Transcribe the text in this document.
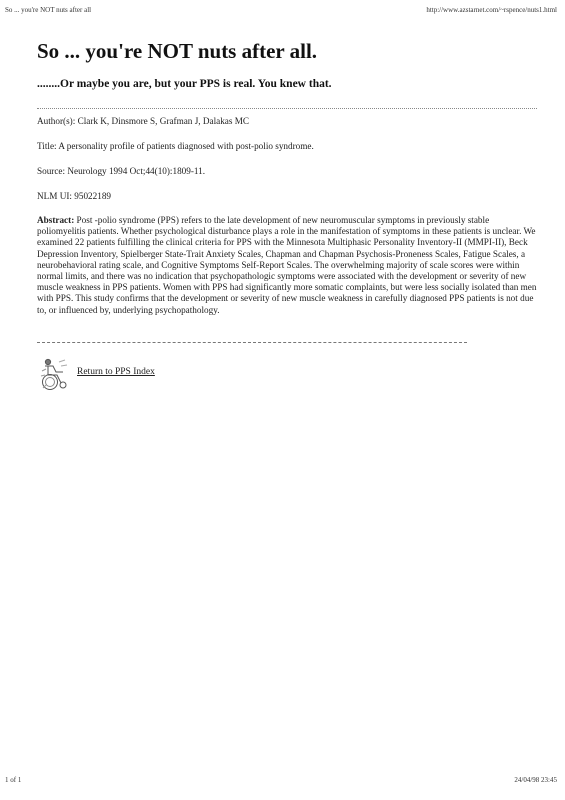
So ... you're NOT nuts after all	http://www.azstarnet.com/~rspence/nuts1.html
So ... you're NOT nuts after all.
........Or maybe you are, but your PPS is real. You knew that.

Author(s): Clark K, Dinsmore S, Grafman J, Dalakas MC

Title: A personality profile of patients diagnosed with post-polio syndrome.

Source: Neurology 1994 Oct;44(10):1809-11.

NLM UI: 95022189

Abstract: Post -polio syndrome (PPS) refers to the late development of new neuromuscular symptoms in previously stable poliomyelitis patients. Whether psychological disturbance plays a role in the manifestation of symptoms in these patients is unclear. We examined 22 patients fulfilling the clinical criteria for PPS with the Minnesota Multiphasic Personality Inventory-II (MMPI-II), Beck Depression Inventory, Spielberger State-Trait Anxiety Scales, Chapman and Chapman Psychosis-Proneness Scales, Fatigue Scales, a neurobehavioral rating scale, and Cognitive Symptoms Self-Report Scales. The overwhelming majority of scale scores were within normal limits, and there was no indication that psychopathologic symptoms were associated with the development or severity of new muscle weakness in PPS patients. Women with PPS had significantly more somatic complaints, but were less socially isolated than men with PPS. This study confirms that the development or severity of new muscle weakness in carefully diagnosed PPS patients is not due to, or influenced by, underlying psychopathology.

Return to PPS Index
1 of 1	24/04/98 23:45
